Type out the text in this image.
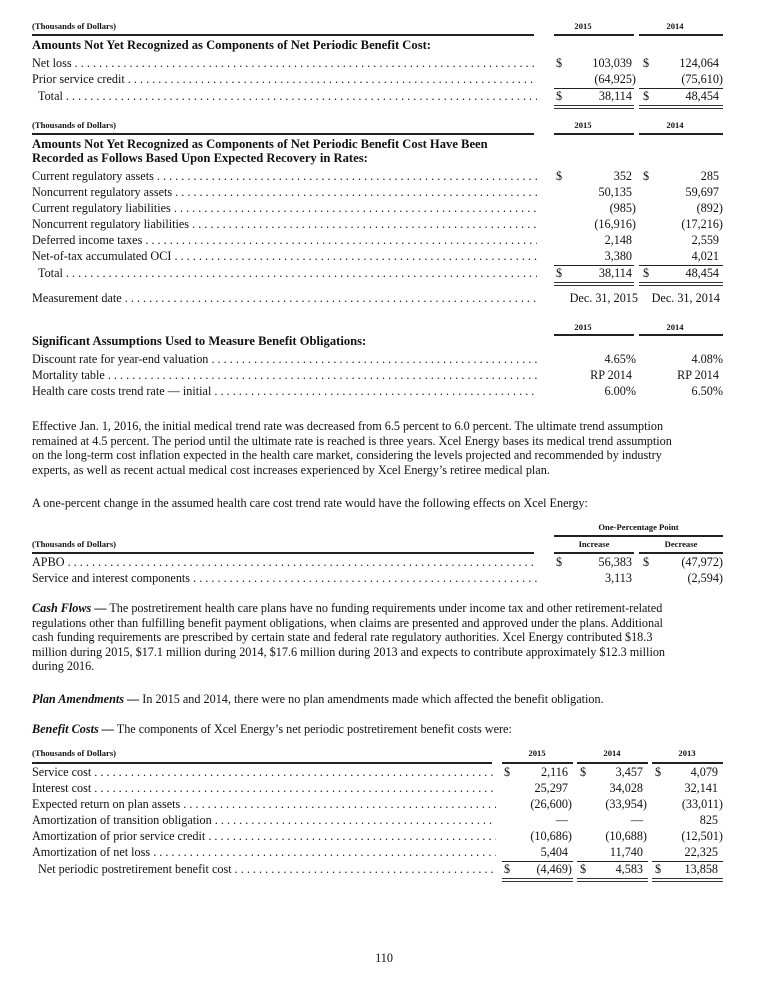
(Thousands of Dollars)	2015	2014
Amounts Not Yet Recognized as Components of Net Periodic Benefit Cost:
Net loss . . .	$	103,039 $	124,064
Prior service credit . . .	(64,925)	(75,610)
Total . . .	$	38,114 $	48,454
(Thousands of Dollars)	2015	2014
Amounts Not Yet Recognized as Components of Net Periodic Benefit Cost Have Been
Recorded as Follows Based Upon Expected Recovery in Rates:
Current regulatory assets . . .	$	352 $	285
Noncurrent regulatory assets . . .	50,135	59,697
Current regulatory liabilities . . .	(985)	(892)
Noncurrent regulatory liabilities . . .	(16,916)	(17,216)
Deferred income taxes . . .	2,148	2,559
Net-of-tax accumulated OCI . . .	3,380	4,021
Total . . .	$	38,114 $	48,454
Measurement date . . .	Dec. 31, 2015	Dec. 31, 2014
2015	2014
Significant Assumptions Used to Measure Benefit Obligations:
Discount rate for year-end valuation . . .	4.65%	4.08%
Mortality table . . .	RP 2014	RP 2014
Health care costs trend rate — initial . . .	6.00%	6.50%
Effective Jan. 1, 2016, the initial medical trend rate was decreased from 6.5 percent to 6.0 percent. The ultimate trend assumption
remained at 4.5 percent. The period until the ultimate rate is reached is three years. Xcel Energy bases its medical trend assumption
on the long-term cost inflation expected in the health care market, considering the levels projected and recommended by industry
experts, as well as recent actual medical cost increases experienced by Xcel Energy’s retiree medical plan.
A one-percent change in the assumed health care cost trend rate would have the following effects on Xcel Energy:
One-Percentage Point
(Thousands of Dollars)	Increase	Decrease
APBO . . .	$	56,383 $	(47,972)
Service and interest components . . .	3,113	(2,594)
Cash Flows — The postretirement health care plans have no funding requirements under income tax and other retirement-related
regulations other than fulfilling benefit payment obligations, when claims are presented and approved under the plans. Additional
cash funding requirements are prescribed by certain state and federal rate regulatory authorities. Xcel Energy contributed $18.3
million during 2015, $17.1 million during 2014, $17.6 million during 2013 and expects to contribute approximately $12.3 million
during 2016.
Plan Amendments — In 2015 and 2014, there were no plan amendments made which affected the benefit obligation.
Benefit Costs — The components of Xcel Energy’s net periodic postretirement benefit costs were:
(Thousands of Dollars)	2015	2014	2013
Service cost . . .	$	2,116 $	3,457 $	4,079
Interest cost . . .	25,297	34,028	32,141
Expected return on plan assets . . .	(26,600)	(33,954)	(33,011)
Amortization of transition obligation . . .	—	—	825
Amortization of prior service credit . . .	(10,686)	(10,688)	(12,501)
Amortization of net loss . . .	5,404	11,740	22,325
Net periodic postretirement benefit cost . . .	$	(4,469) $	4,583 $	13,858
110
